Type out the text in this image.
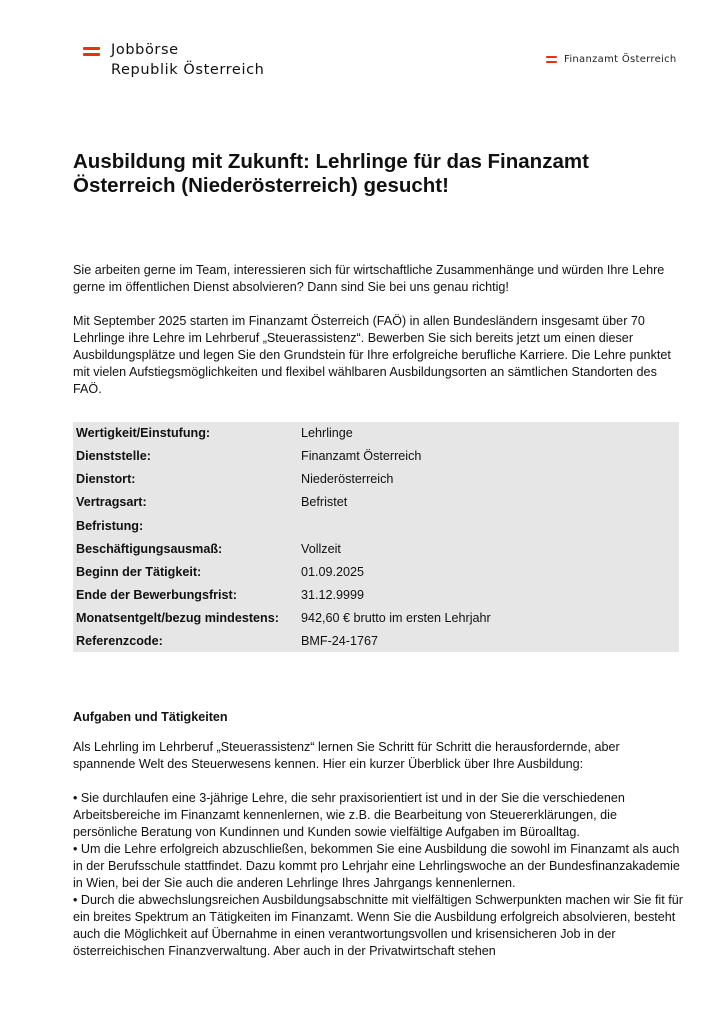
Jobbörse
Republik Österreich
Finanzamt Österreich
Ausbildung mit Zukunft: Lehrlinge für das Finanzamt Österreich (Niederösterreich) gesucht!

Sie arbeiten gerne im Team, interessieren sich für wirtschaftliche Zusammenhänge und würden Ihre Lehre gerne im öffentlichen Dienst absolvieren? Dann sind Sie bei uns genau richtig!

Mit September 2025 starten im Finanzamt Österreich (FAÖ) in allen Bundesländern insgesamt über 70 Lehrlinge ihre Lehre im Lehrberuf „Steuerassistenz“. Bewerben Sie sich bereits jetzt um einen dieser Ausbildungsplätze und legen Sie den Grundstein für Ihre erfolgreiche berufliche Karriere. Die Lehre punktet mit vielen Aufstiegsmöglichkeiten und flexibel wählbaren Ausbildungsorten an sämtlichen Standorten des FAÖ.

Wertigkeit/Einstufung:	Lehrlinge
Dienststelle:	Finanzamt Österreich
Dienstort:	Niederösterreich
Vertragsart:	Befristet
Befristung:
Beschäftigungsausmaß:	Vollzeit
Beginn der Tätigkeit:	01.09.2025
Ende der Bewerbungsfrist:	31.12.9999
Monatsentgelt/bezug mindestens: 942,60 € brutto im ersten Lehrjahr
Referenzcode:	BMF-24-1767
Aufgaben und Tätigkeiten

Als Lehrling im Lehrberuf „Steuerassistenz“ lernen Sie Schritt für Schritt die herausfordernde, aber spannende Welt des Steuerwesens kennen. Hier ein kurzer Überblick über Ihre Ausbildung:

• Sie durchlaufen eine 3-jährige Lehre, die sehr praxisorientiert ist und in der Sie die verschiedenen Arbeitsbereiche im Finanzamt kennenlernen, wie z.B. die Bearbeitung von Steuererklärungen, die persönliche Beratung von Kundinnen und Kunden sowie vielfältige Aufgaben im Büroalltag.
• Um die Lehre erfolgreich abzuschließen, bekommen Sie eine Ausbildung die sowohl im Finanzamt als auch in der Berufsschule stattfindet. Dazu kommt pro Lehrjahr eine Lehrlingswoche an der Bundesfinanzakademie in Wien, bei der Sie auch die anderen Lehrlinge Ihres Jahrgangs kennenlernen.
• Durch die abwechslungsreichen Ausbildungsabschnitte mit vielfältigen Schwerpunkten machen wir Sie fit für ein breites Spektrum an Tätigkeiten im Finanzamt. Wenn Sie die Ausbildung erfolgreich absolvieren, besteht auch die Möglichkeit auf Übernahme in einen verantwortungsvollen und krisensicheren Job in der österreichischen Finanzverwaltung. Aber auch in der Privatwirtschaft stehen
